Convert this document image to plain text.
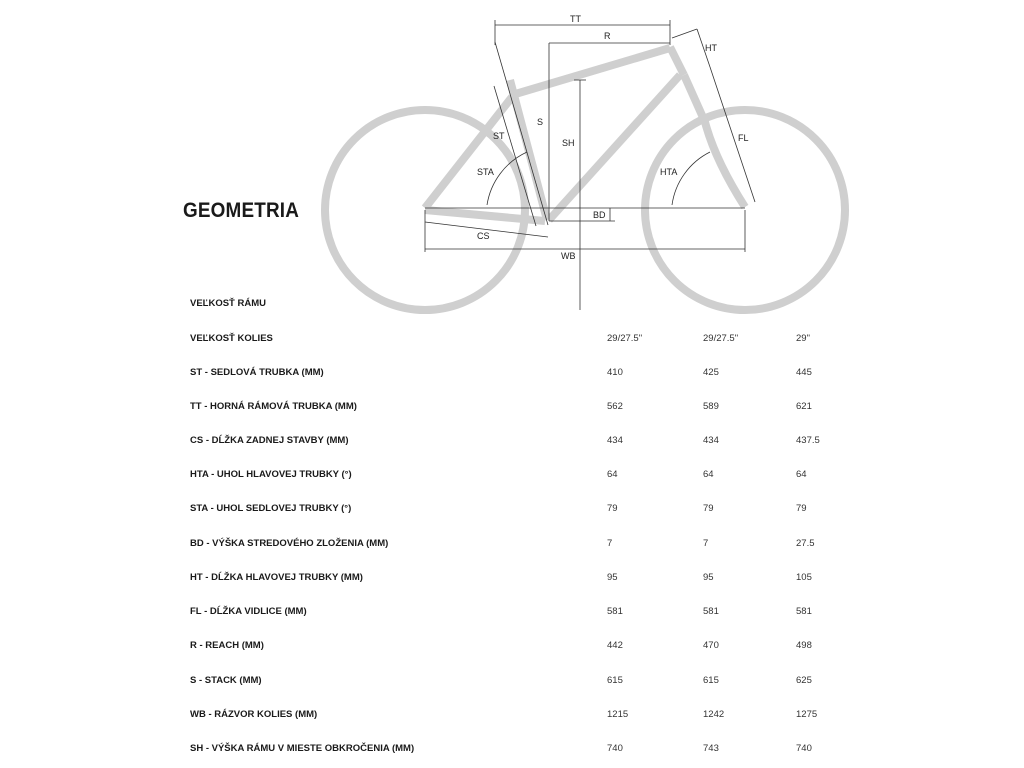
TT
R
HT
S
SH
ST
STA	HTA
FL
BD
CS
WB
GEOMETRIA
VEĽKOSŤ RÁMU
VEĽKOSŤ KOLIES	29/27.5"	29/27.5"	29"
ST - SEDLOVÁ TRUBKA (MM)	410	425	445
TT - HORNÁ RÁMOVÁ TRUBKA (MM)	562	589	621
CS - DĹŽKA ZADNEJ STAVBY (MM)	434	434	437.5
HTA - UHOL HLAVOVEJ TRUBKY (°)	64	64	64
STA - UHOL SEDLOVEJ TRUBKY (°)	79	79	79
BD - VÝŠKA STREDOVÉHO ZLOŽENIA (MM)	7	7	27.5
HT - DĹŽKA HLAVOVEJ TRUBKY (MM)	95	95	105
FL - DĹŽKA VIDLICE (MM)	581	581	581
R - REACH (MM)	442	470	498
S - STACK (MM)	615	615	625
WB - RÁZVOR KOLIES (MM)	1215	1242	1275
SH - VÝŠKA RÁMU V MIESTE OBKROČENIA (MM)	740	743	740
